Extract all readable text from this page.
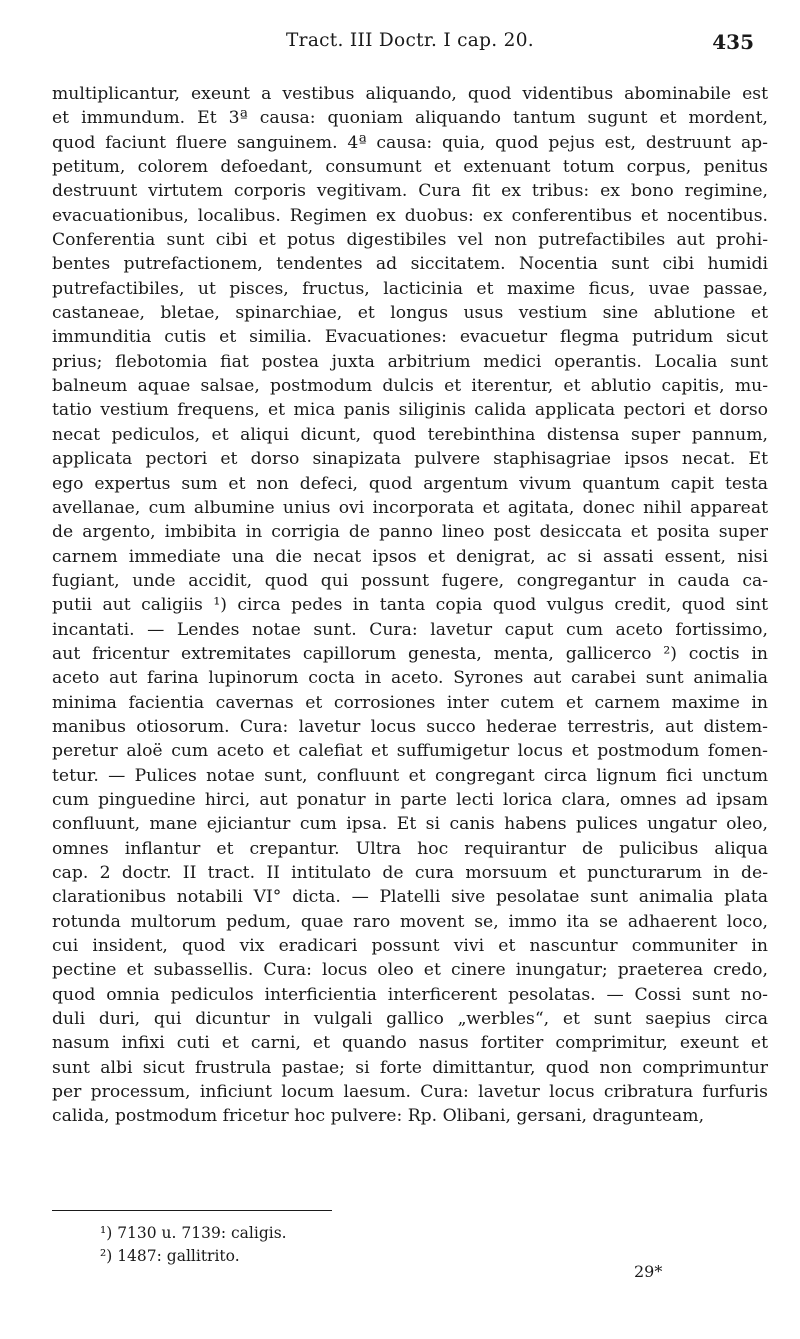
Tract. III Doctr. I cap. 20.	435
multiplicantur, exeunt a vestibus aliquando, quod videntibus abominabile est
et immundum. Et 3ª causa: quoniam aliquando tantum sugunt et mordent,
quod faciunt fluere sanguinem. 4ª causa: quia, quod pejus est, destruunt ap-
petitum, colorem defoedant, consumunt et extenuant totum corpus, penitus
destruunt virtutem corporis vegitivam. Cura fit ex tribus: ex bono regimine,
evacuationibus, localibus. Regimen ex duobus: ex conferentibus et nocentibus.
Conferentia sunt cibi et potus digestibiles vel non putrefactibiles aut prohi-
bentes putrefactionem, tendentes ad siccitatem. Nocentia sunt cibi humidi
putrefactibiles, ut pisces, fructus, lacticinia et maxime ficus, uvae passae,
castaneae, bletae, spinarchiae, et longus usus vestium sine ablutione et
immunditia cutis et similia. Evacuationes: evacuetur flegma putridum sicut
prius; flebotomia fiat postea juxta arbitrium medici operantis. Localia sunt
balneum aquae salsae, postmodum dulcis et iterentur, et ablutio capitis, mu-
tatio vestium frequens, et mica panis siliginis calida applicata pectori et dorso
necat pediculos, et aliqui dicunt, quod terebinthina distensa super pannum,
applicata pectori et dorso sinapizata pulvere staphisagriae ipsos necat. Et
ego expertus sum et non defeci, quod argentum vivum quantum capit testa
avellanae, cum albumine unius ovi incorporata et agitata, donec nihil appareat
de argento, imbibita in corrigia de panno lineo post desiccata et posita super
carnem immediate una die necat ipsos et denigrat, ac si assati essent, nisi
fugiant, unde accidit, quod qui possunt fugere, congregantur in cauda ca-
putii aut caligiis ¹) circa pedes in tanta copia quod vulgus credit, quod sint
incantati. — Lendes notae sunt. Cura: lavetur caput cum aceto fortissimo,
aut fricentur extremitates capillorum genesta, menta, gallicerco ²) coctis in
aceto aut farina lupinorum cocta in aceto. Syrones aut carabei sunt animalia
minima facientia cavernas et corrosiones inter cutem et carnem maxime in
manibus otiosorum. Cura: lavetur locus succo hederae terrestris, aut distem-
peretur aloë cum aceto et calefiat et suffumigetur locus et postmodum fomen-
tetur. — Pulices notae sunt, confluunt et congregant circa lignum fici unctum
cum pinguedine hirci, aut ponatur in parte lecti lorica clara, omnes ad ipsam
confluunt, mane ejiciantur cum ipsa. Et si canis habens pulices ungatur oleo,
omnes inflantur et crepantur. Ultra hoc requirantur de pulicibus aliqua
cap. 2 doctr. II tract. II intitulato de cura morsuum et puncturarum in de-
clarationibus notabili VI° dicta. — Platelli sive pesolatae sunt animalia plata
rotunda multorum pedum, quae raro movent se, immo ita se adhaerent loco,
cui insident, quod vix eradicari possunt vivi et nascuntur communiter in
pectine et subassellis. Cura: locus oleo et cinere inungatur; praeterea credo,
quod omnia pediculos interficientia interficerent pesolatas. — Cossi sunt no-
duli duri, qui dicuntur in vulgali gallico „werbles“, et sunt saepius circa
nasum infixi cuti et carni, et quando nasus fortiter comprimitur, exeunt et
sunt albi sicut frustrula pastae; si forte dimittantur, quod non comprimuntur
per processum, inficiunt locum laesum. Cura: lavetur locus cribratura furfuris
calida, postmodum fricetur hoc pulvere: Rp. Olibani, gersani, dragunteam,
¹) 7130 u. 7139: caligis.
²) 1487: gallitrito.
29*
